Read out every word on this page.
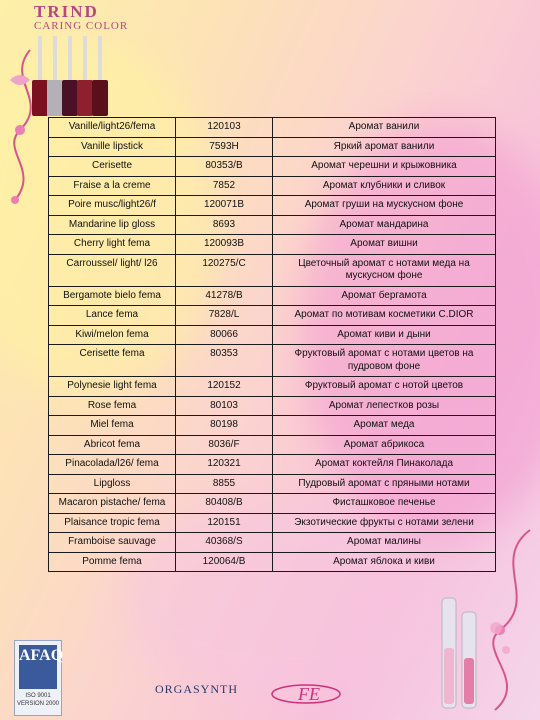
TRIND
CARING COLOR
Vanille/light26/fema	120103	Аромат ванили
Vanille lipstick	7593H	Яркий аромат ванили
Cerisette	80353/B	Аромат черешни и крыжовника
Fraise a la creme	7852	Аромат клубники и сливок
Poire musc/light26/f	120071B	Аромат груши на мускусном фоне
Mandarine lip gloss	8693	Аромат мандарина
Cherry light fema	120093B	Аромат вишни
Carroussel/ light/ l26	120275/C	Цветочный аромат с нотами меда на мускусном фоне
Bergamote bielo fema	41278/B	Аромат бергамота
Lance fema	7828/L	Аромат по мотивам косметики C.DIOR
Kiwi/melon fema	80066	Аромат киви и дыни
Cerisette fema	80353	Фруктовый аромат с нотами цветов на пудровом фоне
Polynesie light fema	120152	Фруктовый аромат с нотой цветов
Rose fema	80103	Аромат лепестков розы
Miel fema	80198	Аромат меда
Abricot fema	8036/F	Аромат абрикоса
Pinacolada/l26/ fema	120321	Аромат коктейля Пинаколада
Lipgloss	8855	Пудровый аромат с пряными нотами
Macaron pistache/ fema	80408/B	Фисташковое печенье
Plaisance tropic fema	120151	Экзотические фрукты с нотами зелени
Framboise sauvage	40368/S	Аромат малины
Pomme fema	120064/B	Аромат яблока и киви
AFAQ
ISO 9001
VERSION 2000
ORGASYNTH	FE
